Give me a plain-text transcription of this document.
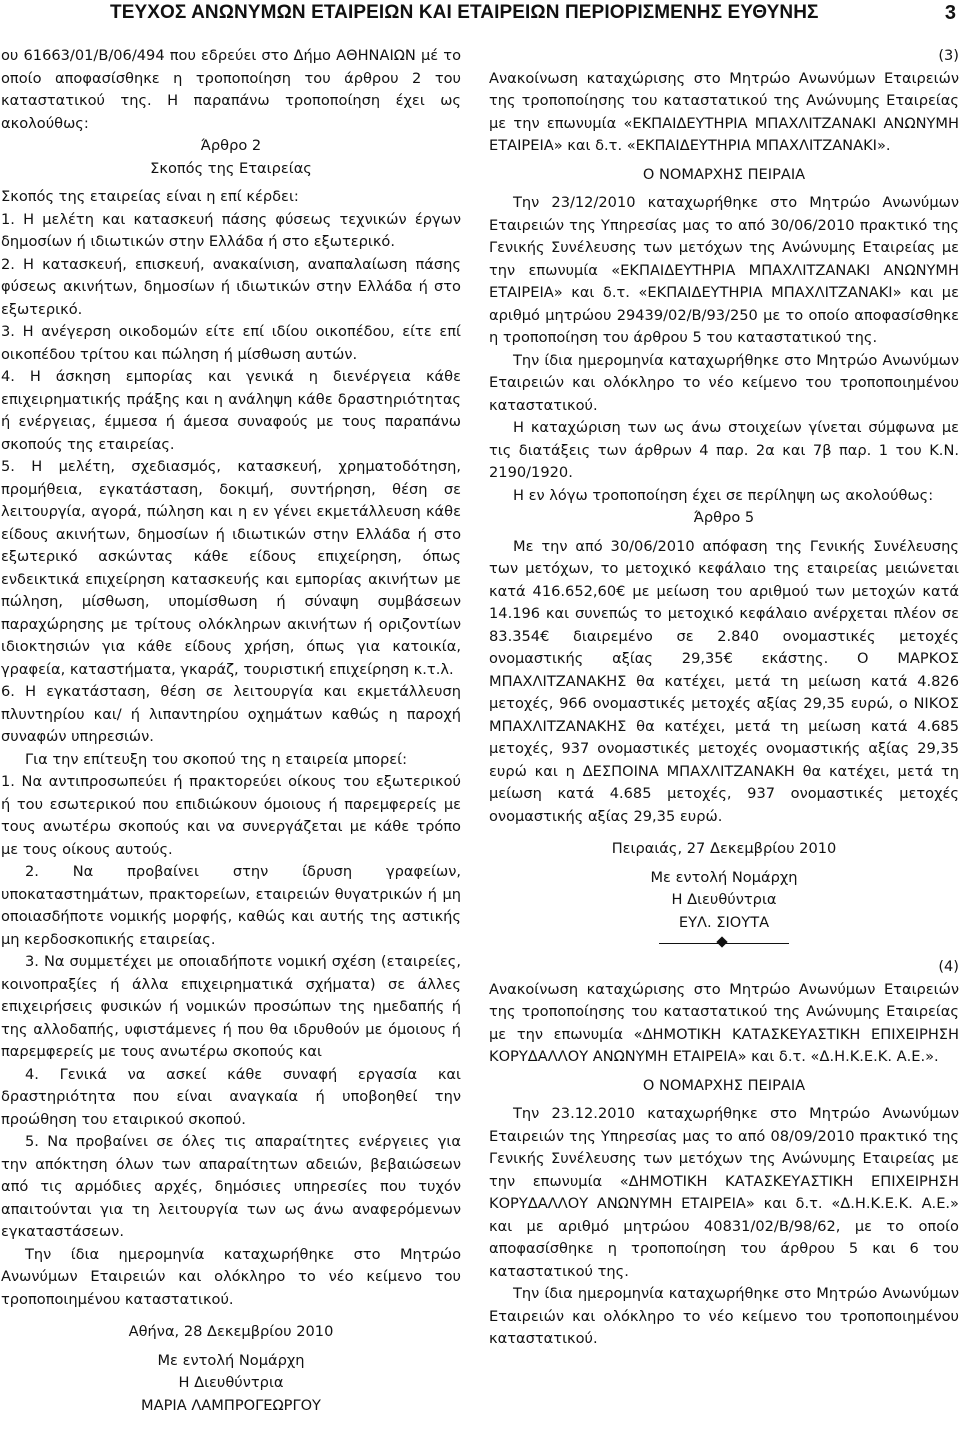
ΤΕΥΧΟΣ ΑΝΩΝΥΜΩΝ ΕΤΑΙΡΕΙΩΝ ΚΑΙ ΕΤΑΙΡΕΙΩΝ ΠΕΡΙΟΡΙΣΜΕΝΗΣ ΕΥΘΥΝΗΣ	3

ου 61663/01/Β/06/494 που εδρεύει στο Δήμο ΑΘΗΝΑΙΩΝ μέ το οποίο αποφασίσθηκε η τροποποίηση του άρθρου 2 του καταστατικού της. Η παραπάνω τροποποίηση έχει ως ακολούθως:

Άρθρο 2

Σκοπός της Εταιρείας

Σκοπός της εταιρείας είναι η επί κέρδει:

1. Η μελέτη και κατασκευή πάσης φύσεως τεχνικών έργων δημοσίων ή ιδιωτικών στην Ελλάδα ή στο εξωτερικό.

2. Η κατασκευή, επισκευή, ανακαίνιση, αναπαλαίωση πάσης φύσεως ακινήτων, δημοσίων ή ιδιωτικών στην Ελλάδα ή στο εξωτερικό.

3. Η ανέγερση οικοδομών είτε επί ιδίου οικοπέδου, είτε επί οικοπέδου τρίτου και πώληση ή μίσθωση αυτών.

4. Η άσκηση εμπορίας και γενικά η διενέργεια κάθε επιχειρηματικής πράξης και η ανάληψη κάθε δραστηριότητας ή ενέργειας, έμμεσα ή άμεσα συναφούς με τους παραπάνω σκοπούς της εταιρείας.

5. Η μελέτη, σχεδιασμός, κατασκευή, χρηματοδότηση, προμήθεια, εγκατάσταση, δοκιμή, συντήρηση, θέση σε λειτουργία, αγορά, πώληση και η εν γένει εκμετάλλευση κάθε είδους ακινήτων, δημοσίων ή ιδιωτικών στην Ελλάδα ή στο εξωτερικό ασκώντας κάθε είδους επιχείρηση, όπως ενδεικτικά επιχείρηση κατασκευής και εμπορίας ακινήτων με πώληση, μίσθωση, υπομίσθωση ή σύναψη συμβάσεων παραχώρησης με τρίτους ολόκληρων ακινήτων ή οριζοντίων ιδιοκτησιών για κάθε είδους χρήση, όπως για κατοικία, γραφεία, καταστήματα, γκαράζ, τουριστική επιχείρηση κ.τ.λ.

6. Η εγκατάσταση, θέση σε λειτουργία και εκμετάλλευση πλυντηρίου και/ ή λιπαντηρίου οχημάτων καθώς η παροχή συναφών υπηρεσιών.

Για την επίτευξη του σκοπού της η εταιρεία μπορεί:

1. Να αντιπροσωπεύει ή πρακτορεύει οίκους του εξωτερικού ή του εσωτερικού που επιδιώκουν όμοιους ή παρεμφερείς με τους ανωτέρω σκοπούς και να συνεργάζεται με κάθε τρόπο με τους οίκους αυτούς.

2. Να προβαίνει στην ίδρυση γραφείων, υποκαταστημάτων, πρακτορείων, εταιρειών θυγατρικών ή μη οποιασδήποτε νομικής μορφής, καθώς και αυτής της αστικής μη κερδοσκοπικής εταιρείας.

3. Να συμμετέχει με οποιαδήποτε νομική σχέση (εταιρείες, κοινοπραξίες ή άλλα επιχειρηματικά σχήματα) σε άλλες επιχειρήσεις φυσικών ή νομικών προσώπων της ημεδαπής ή της αλλοδαπής, υφιστάμενες ή που θα ιδρυθούν με όμοιους ή παρεμφερείς με τους ανωτέρω σκοπούς και

4. Γενικά να ασκεί κάθε συναφή εργασία και δραστηριότητα που είναι αναγκαία ή υποβοηθεί την προώθηση του εταιρικού σκοπού.

5. Να προβαίνει σε όλες τις απαραίτητες ενέργειες για την απόκτηση όλων των απαραίτητων αδειών, βεβαιώσεων από τις αρμόδιες αρχές, δημόσιες υπηρεσίες που τυχόν απαιτούνται για τη λειτουργία των ως άνω αναφερόμενων εγκαταστάσεων.

Την ίδια ημερομηνία καταχωρήθηκε στο Μητρώο Ανωνύμων Εταιρειών και ολόκληρο το νέο κείμενο του τροποποιημένου καταστατικού.

Αθήνα, 28 Δεκεμβρίου 2010

Με εντολή Νομάρχη

Η Διευθύντρια

ΜΑΡΙΑ ΛΑΜΠΡΟΓΕΩΡΓΟΥ

(3)

Ανακοίνωση καταχώρισης στο Μητρώο Ανωνύμων Εταιρειών της τροποποίησης του καταστατικού της Ανώνυμης Εταιρείας με την επωνυμία «ΕΚΠΑΙΔΕΥΤΗΡΙΑ ΜΠΑΧΛΙΤΖΑΝΑΚΙ ΑΝΩΝΥΜΗ ΕΤΑΙΡΕΙΑ» και δ.τ. «ΕΚΠΑΙΔΕΥΤΗΡΙΑ ΜΠΑΧΛΙΤΖΑΝΑΚΙ».

Ο ΝΟΜΑΡΧΗΣ ΠΕΙΡΑΙΑ

Την 23/12/2010 καταχωρήθηκε στο Μητρώο Ανωνύμων Εταιρειών της Υπηρεσίας μας το από 30/06/2010 πρακτικό της Γενικής Συνέλευσης των μετόχων της Ανώνυμης Εταιρείας με την επωνυμία «ΕΚΠΑΙΔΕΥΤΗΡΙΑ ΜΠΑΧΛΙΤΖΑΝΑΚΙ ΑΝΩΝΥΜΗ ΕΤΑΙΡΕΙΑ» και δ.τ. «ΕΚΠΑΙΔΕΥΤΗΡΙΑ ΜΠΑΧΛΙΤΖΑΝΑΚΙ» και με αριθμό μητρώου 29439/02/Β/93/250 με το οποίο αποφασίσθηκε η τροποποίηση του άρθρου 5 του καταστατικού της.

Την ίδια ημερομηνία καταχωρήθηκε στο Μητρώο Ανωνύμων Εταιρειών και ολόκληρο το νέο κείμενο του τροποποιημένου καταστατικού.

Η καταχώριση των ως άνω στοιχείων γίνεται σύμφωνα με τις διατάξεις των άρθρων 4 παρ. 2α και 7β παρ. 1 του Κ.Ν. 2190/1920.

Η εν λόγω τροποποίηση έχει σε περίληψη ως ακολούθως:

Άρθρο 5

Με την από 30/06/2010 απόφαση της Γενικής Συνέλευσης των μετόχων, το μετοχικό κεφάλαιο της εταιρείας μειώνεται κατά 416.652,60€ με μείωση του αριθμού των μετοχών κατά 14.196 και συνεπώς το μετοχικό κεφάλαιο ανέρχεται πλέον σε 83.354€ διαιρεμένο σε 2.840 ονομαστικές μετοχές ονομαστικής αξίας 29,35€ εκάστης. Ο ΜΑΡΚΟΣ ΜΠΑΧΛΙΤΖΑΝΑΚΗΣ θα κατέχει, μετά τη μείωση κατά 4.826 μετοχές, 966 ονομαστικές μετοχές αξίας 29,35 ευρώ, ο ΝΙΚΟΣ ΜΠΑΧΛΙΤΖΑΝΑΚΗΣ θα κατέχει, μετά τη μείωση κατά 4.685 μετοχές, 937 ονομαστικές μετοχές ονομαστικής αξίας 29,35 ευρώ και η ΔΕΣΠΟΙΝΑ ΜΠΑΧΛΙΤΖΑΝΑΚΗ θα κατέχει, μετά τη μείωση κατά 4.685 μετοχές, 937 ονομαστικές μετοχές ονομαστικής αξίας 29,35 ευρώ.

Πειραιάς, 27 Δεκεμβρίου 2010

Με εντολή Νομάρχη

Η Διευθύντρια

ΕΥΛ. ΣΙΟΥΤΑ

(4)

Ανακοίνωση καταχώρισης στο Μητρώο Ανωνύμων Εταιρειών της τροποποίησης του καταστατικού της Ανώνυμης Εταιρείας με την επωνυμία «ΔΗΜΟΤΙΚΗ ΚΑΤΑΣΚΕΥΑΣΤΙΚΗ ΕΠΙΧΕΙΡΗΣΗ ΚΟΡΥΔΑΛΛΟΥ ΑΝΩΝΥΜΗ ΕΤΑΙΡΕΙΑ» και δ.τ. «Δ.Η.Κ.Ε.Κ. Α.Ε.».

Ο ΝΟΜΑΡΧΗΣ ΠΕΙΡΑΙΑ

Την 23.12.2010 καταχωρήθηκε στο Μητρώο Ανωνύμων Εταιρειών της Υπηρεσίας μας το από 08/09/2010 πρακτικό της Γενικής Συνέλευσης των μετόχων της Ανώνυμης Εταιρείας με την επωνυμία «ΔΗΜΟΤΙΚΗ ΚΑΤΑΣΚΕΥΑΣΤΙΚΗ ΕΠΙΧΕΙΡΗΣΗ ΚΟΡΥΔΑΛΛΟΥ ΑΝΩΝΥΜΗ ΕΤΑΙΡΕΙΑ» και δ.τ. «Δ.Η.Κ.Ε.Κ. Α.Ε.» και με αριθμό μητρώου 40831/02/Β/98/62, με το οποίο αποφασίσθηκε η τροποποίηση του άρθρου 5 και 6 του καταστατικού της.

Την ίδια ημερομηνία καταχωρήθηκε στο Μητρώο Ανωνύμων Εταιρειών και ολόκληρο το νέο κείμενο του τροποποιημένου καταστατικού.
